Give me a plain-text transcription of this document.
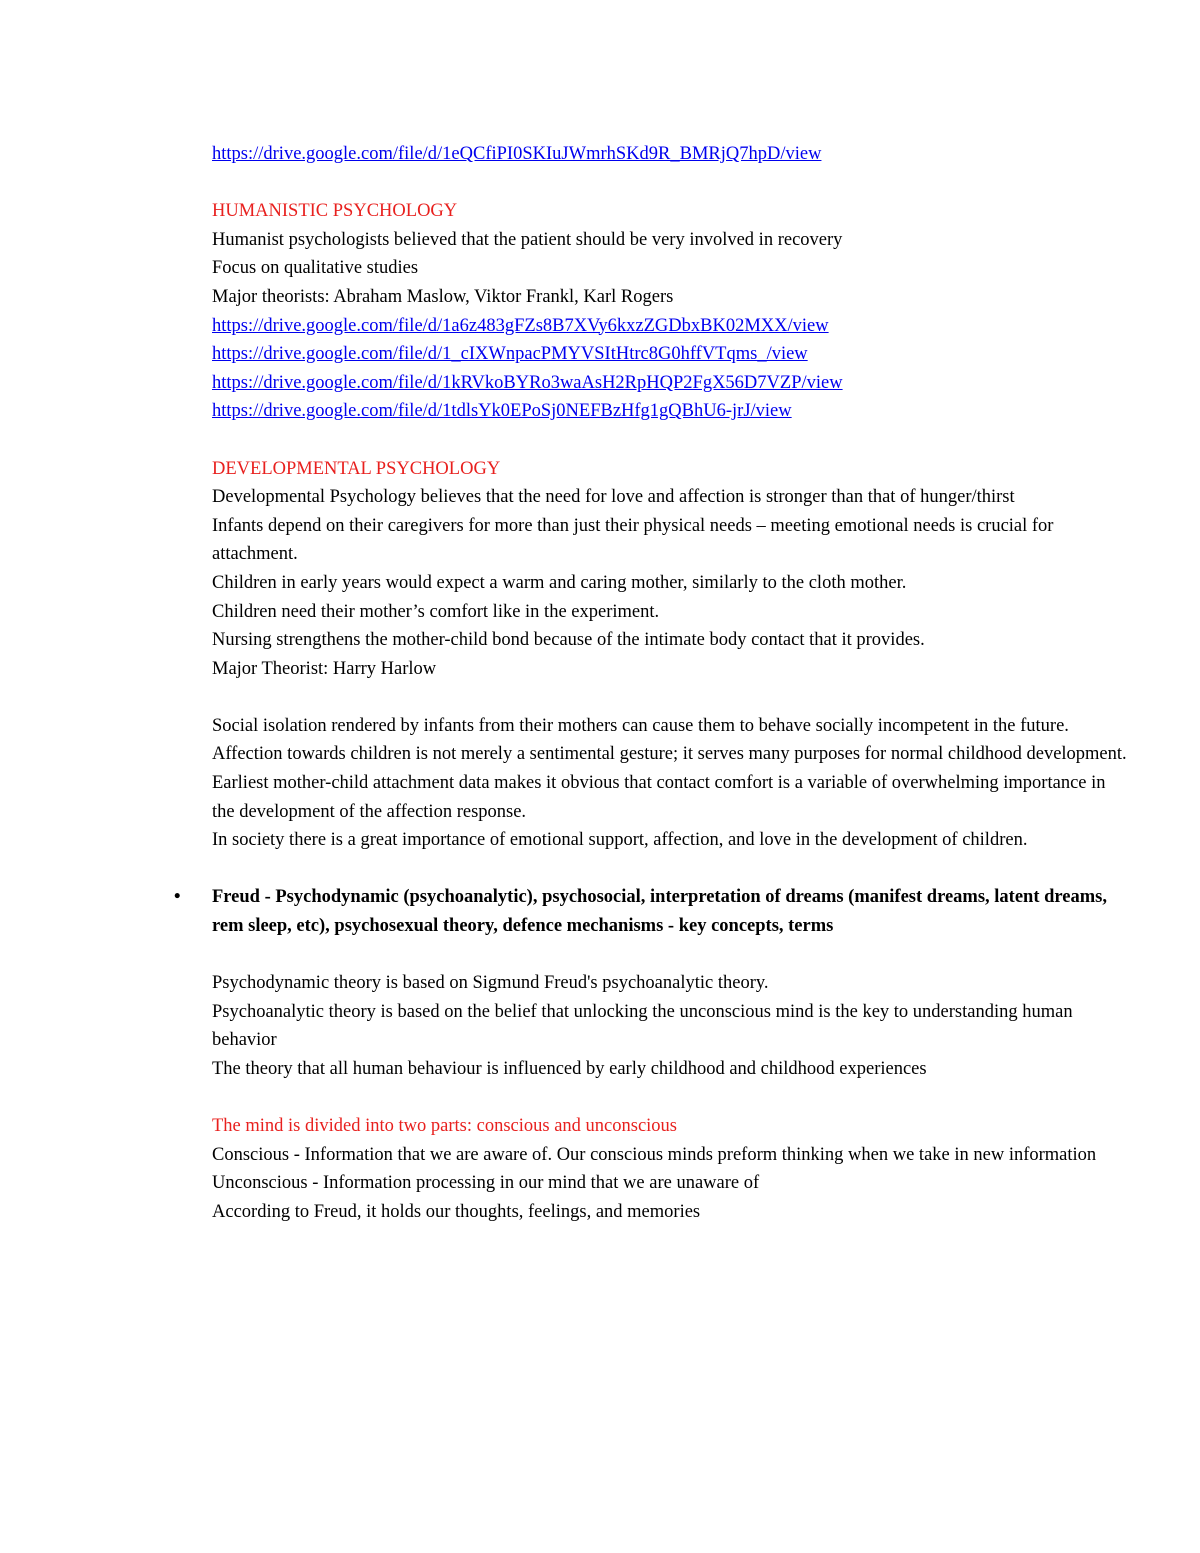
https://drive.google.com/file/d/1eQCfiPI0SKIuJWmrhSKd9R_BMRjQ7hpD/view
HUMANISTIC PSYCHOLOGY
Humanist psychologists believed that the patient should be very involved in recovery
Focus on qualitative studies
Major theorists: Abraham Maslow, Viktor Frankl, Karl Rogers
https://drive.google.com/file/d/1a6z483gFZs8B7XVy6kxzZGDbxBK02MXX/view
https://drive.google.com/file/d/1_cIXWnpacPMYVSItHtrc8G0hffVTqms_/view
https://drive.google.com/file/d/1kRVkoBYRo3waAsH2RpHQP2FgX56D7VZP/view
https://drive.google.com/file/d/1tdlsYk0EPoSj0NEFBzHfg1gQBhU6-jrJ/view
DEVELOPMENTAL PSYCHOLOGY
Developmental Psychology believes that the need for love and affection is stronger than that of hunger/thirst
Infants depend on their caregivers for more than just their physical needs – meeting emotional needs is crucial for attachment.
Children in early years would expect a warm and caring mother, similarly to the cloth mother.
Children need their mother’s comfort like in the experiment.
Nursing strengthens the mother-child bond because of the intimate body contact that it provides.
Major Theorist: Harry Harlow
Social isolation rendered by infants from their mothers can cause them to behave socially incompetent in the future.
Affection towards children is not merely a sentimental gesture; it serves many purposes for normal childhood development.
Earliest mother-child attachment data makes it obvious that contact comfort is a variable of overwhelming importance in the development of the affection response.
In society there is a great importance of emotional support, affection, and love in the development of children.
• Freud - Psychodynamic (psychoanalytic), psychosocial, interpretation of dreams (manifest dreams, latent dreams, rem sleep, etc), psychosexual theory, defence mechanisms - key concepts, terms
Psychodynamic theory is based on Sigmund Freud's psychoanalytic theory.
Psychoanalytic theory is based on the belief that unlocking the unconscious mind is the key to understanding human behavior
The theory that all human behaviour is influenced by early childhood and childhood experiences
The mind is divided into two parts: conscious and unconscious
Conscious - Information that we are aware of. Our conscious minds preform thinking when we take in new information
Unconscious - Information processing in our mind that we are unaware of
According to Freud, it holds our thoughts, feelings, and memories
